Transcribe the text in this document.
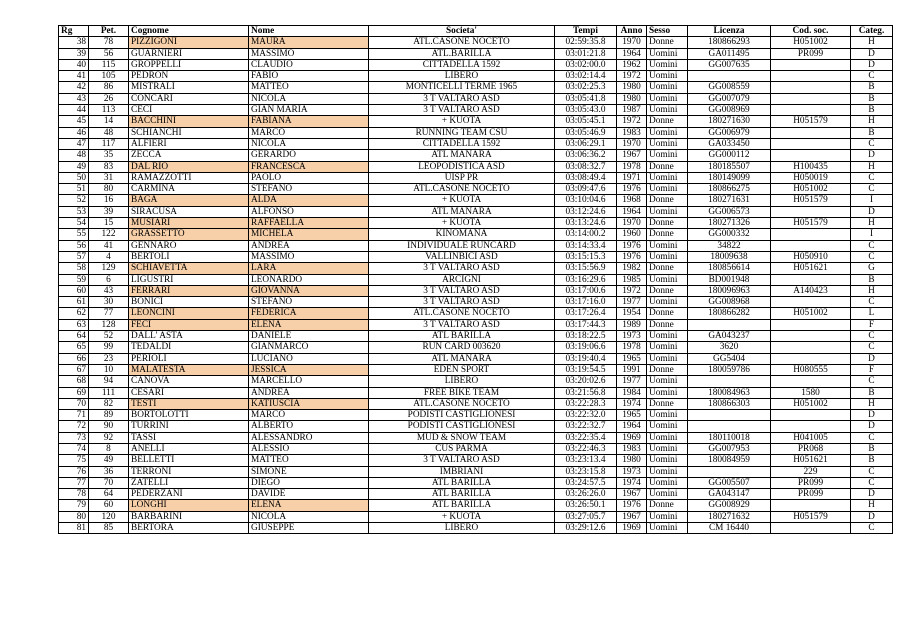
Rg	Pet.	Cognome	Nome	Societa'	Tempi	Anno	Sesso	Licenza	Cod. soc.	Categ.
38	78	PIZZIGONI	MAURA	ATL.CASONE NOCETO	02:59:35.8	1970	Donne	180866293	H051002	H
39	56	GUARNIERI	MASSIMO	ATL.BARILLA	03:01:21.8	1964	Uomini	GA011495	PR099	D
40	115	GROPPELLI	CLAUDIO	CITTADELLA 1592	03:02:00.0	1962	Uomini	GG007635		D
41	105	PEDRON	FABIO	LIBERO	03:02:14.4	1972	Uomini			C
42	86	MISTRALI	MATTEO	MONTICELLI TERME 1965	03:02:25.3	1980	Uomini	GG008559		B
43	26	CONCARI	NICOLA	3 T VALTARO ASD	03:05:41.8	1980	Uomini	GG007079		B
44	113	CECI	GIAN MARIA	3 T VALTARO ASD	03:05:43.0	1987	Uomini	GG008969		B
45	14	BACCHINI	FABIANA	+ KUOTA	03:05:45.1	1972	Donne	180271630	H051579	H
46	48	SCHIANCHI	MARCO	RUNNING TEAM CSU	03:05:46.9	1983	Uomini	GG006979		B
47	117	ALFIERI	NICOLA	CITTADELLA 1592	03:06:29.1	1970	Uomini	GA033450		C
48	35	ZECCA	GERARDO	ATL MANARA	03:06:36.2	1967	Uomini	GG000112		D
49	83	DAL RIO	FRANCESCA	LEOPODISTICA ASD	03:08:32.7	1978	Donne	180185507	H100435	H
50	31	RAMAZZOTTI	PAOLO	UISP PR	03:08:49.4	1971	Uomini	180149099	H050019	C
51	80	CARMINA	STEFANO	ATL.CASONE NOCETO	03:09:47.6	1976	Uomini	180866275	H051002	C
52	16	BAGA	ALDA	+ KUOTA	03:10:04.6	1968	Donne	180271631	H051579	I
53	39	SIRACUSA	ALFONSO	ATL MANARA	03:12:24.6	1964	Uomini	GG006573		D
54	15	MUSIARI	RAFFAELLA	+ KUOTA	03:13:24.6	1970	Donne	180271326	H051579	H
55	122	GRASSETTO	MICHELA	KINOMANA	03:14:00.2	1960	Donne	GG000332		I
56	41	GENNARO	ANDREA	INDIVIDUALE RUNCARD	03:14:33.4	1976	Uomini	34822		C
57	4	BERTOLI	MASSIMO	VALLINBICI ASD	03:15:15.3	1976	Uomini	18009638	H050910	C
58	129	SCHIAVETTA	LARA	3 T VALTARO ASD	03:15:56.9	1982	Donne	180856614	H051621	G
59	6	LIGUSTRI	LEONARDO	ARCIGNI	03:16:29.6	1985	Uomini	BD001948		B
60	43	FERRARI	GIOVANNA	3 T VALTARO ASD	03:17:00.6	1972	Donne	180096963	A140423	H
61	30	BONICI	STEFANO	3 T VALTARO ASD	03:17:16.0	1977	Uomini	GG008968		C
62	77	LEONCINI	FEDERICA	ATL.CASONE NOCETO	03:17:26.4	1954	Donne	180866282	H051002	L
63	128	FECI	ELENA	3 T VALTARO ASD	03:17:44.3	1989	Donne			F
64	52	DALL' ASTA	DANIELE	ATL BARILLA	03:18:22.5	1973	Uomini	GA043237		C
65	99	TEDALDI	GIANMARCO	RUN CARD 003620	03:19:06.6	1978	Uomini	3620		C
66	23	PERIOLI	LUCIANO	ATL MANARA	03:19:40.4	1965	Uomini	GG5404		D
67	10	MALATESTA	JESSICA	EDEN SPORT	03:19:54.5	1991	Donne	180059786	H080555	F
68	94	CANOVA	MARCELLO	LIBERO	03:20:02.6	1977	Uomini			C
69	111	CESARI	ANDREA	FREE BIKE TEAM	03:21:56.8	1984	Uomini	180084963	1580	B
70	82	TESTI	KATIUSCIA	ATL.CASONE NOCETO	03:22:28.3	1974	Donne	180866303	H051002	H
71	89	BORTOLOTTI	MARCO	PODISTI CASTIGLIONESI	03:22:32.0	1965	Uomini			D
72	90	TURRINI	ALBERTO	PODISTI CASTIGLIONESI	03:22:32.7	1964	Uomini			D
73	92	TASSI	ALESSANDRO	MUD & SNOW TEAM	03:22:35.4	1969	Uomini	180110018	H041005	C
74	8	ANELLI	ALESSIO	CUS PARMA	03:22:46.3	1983	Uomini	GG007953	PR068	B
75	49	BELLETTI	MATTEO	3 T VALTARO ASD	03:23:13.4	1980	Uomini	180084959	H051621	B
76	36	TERRONI	SIMONE	IMBRIANI	03:23:15.8	1973	Uomini		229	C
77	70	ZATELLI	DIEGO	ATL BARILLA	03:24:57.5	1974	Uomini	GG005507	PR099	C
78	64	PEDERZANI	DAVIDE	ATL BARILLA	03:26:26.0	1967	Uomini	GA043147	PR099	D
79	60	LONGHI	ELENA	ATL BARILLA	03:26:50.1	1976	Donne	GG008929		H
80	120	BARBARINI	NICOLA	+ KUOTA	03:27:05.7	1967	Uomini	180271632	H051579	D
81	85	BERTORA	GIUSEPPE	LIBERO	03:29:12.6	1969	Uomini	CM 16440		C
